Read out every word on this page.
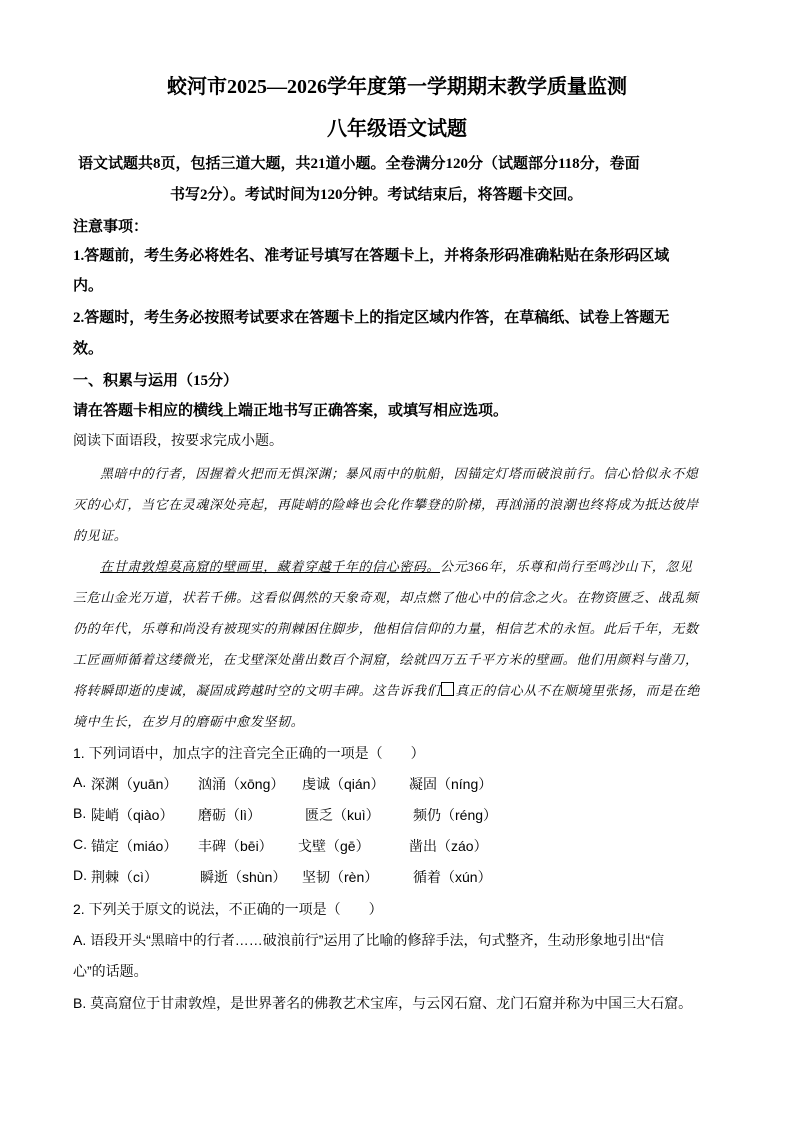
蛟河市2025—2026学年度第一学期期末教学质量监测
八年级语文试题
语文试题共8页，包括三道大题，共21道小题。全卷满分120分（试题部分118分，卷面
书写2分）。考试时间为120分钟。考试结束后，将答题卡交回。
注意事项：
1.答题前，考生务必将姓名、准考证号填写在答题卡上，并将条形码准确粘贴在条形码区域
内。
2.答题时，考生务必按照考试要求在答题卡上的指定区域内作答，在草稿纸、试卷上答题无
效。
一、积累与运用（15分）
请在答题卡相应的横线上端正地书写正确答案，或填写相应选项。
阅读下面语段，按要求完成小题。
黑暗中的行者，因握着火把而无惧深渊；暴风雨中的航船，因锚定灯塔而破浪前行。信心恰似永不熄
灭的心灯，当它在灵魂深处亮起，再陡峭的险峰也会化作攀登的阶梯，再汹涌的浪潮也终将成为抵达彼岸
的见证。
在甘肃敦煌莫高窟的壁画里，藏着穿越千年的信心密码。公元366年，乐尊和尚行至鸣沙山下，忽见
三危山金光万道，状若千佛。这看似偶然的天象奇观，却点燃了他心中的信念之火。在物资匮乏、战乱频
仍的年代，乐尊和尚没有被现实的荆棘困住脚步，他相信信仰的力量，相信艺术的永恒。此后千年，无数
工匠画师循着这缕微光，在戈壁深处凿出数百个洞窟，绘就四万五千平方米的壁画。他们用颜料与凿刀，
将转瞬即逝的虔诚，凝固成跨越时空的文明丰碑。这告诉我们 真正的信心从不在顺境里张扬，而是在绝
境中生长，在岁月的磨砺中愈发坚韧。
1. 下列词语中，加点字的注音完全正确的一项是（　　）
A. 深渊（yuān） 汹涌（xōng） 虔诚（qián） 凝固（níng）
B. 陡峭（qiào） 磨砺（lì）	匮乏（kuì） 频仍（réng）
C. 锚定（miáo） 丰碑（bēi） 戈壁（gē）	凿出（záo）
D. 荆棘（cì）	瞬逝（shùn） 坚韧（rèn） 循着（xún）
2. 下列关于原文的说法，不正确的一项是（　　）
A. 语段开头“黑暗中的行者……破浪前行”运用了比喻的修辞手法，句式整齐，生动形象地引出“信
心”的话题。
B. 莫高窟位于甘肃敦煌，是世界著名的佛教艺术宝库，与云冈石窟、龙门石窟并称为中国三大石窟。
